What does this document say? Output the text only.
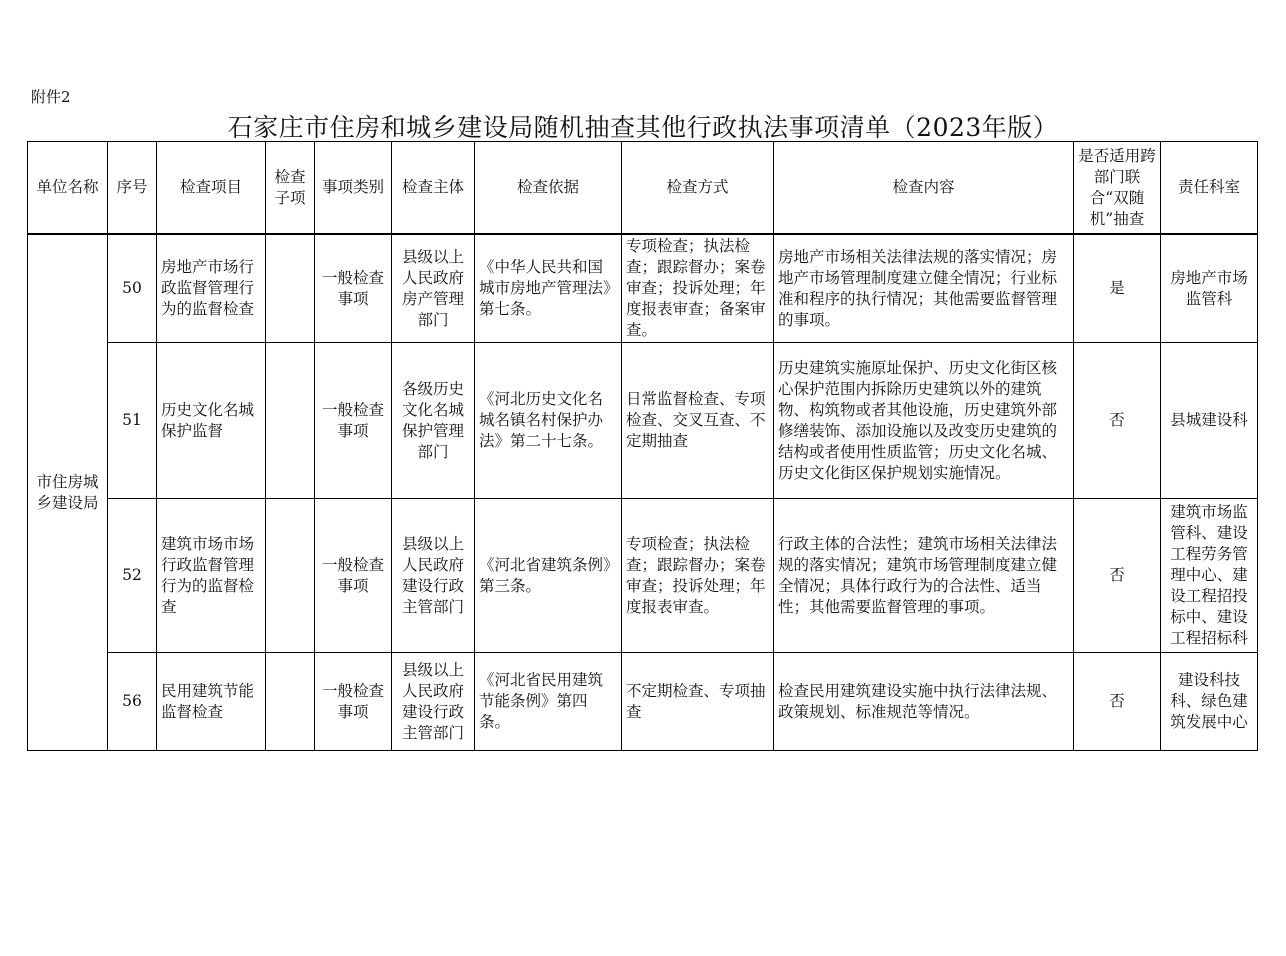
附件2
石家庄市住房和城乡建设局随机抽查其他行政执法事项清单（2023年版）
单位名称	序号	检查项目	检查子项	事项类别	检查主体	检查依据	检查方式	检查内容	是否适用跨部门联合“双随机”抽查	责任科室
市住房城乡建设局	50	房地产市场行政监督管理行为的监督检查		一般检查事项	县级以上人民政府房产管理部门	《中华人民共和国城市房地产管理法》第七条。	专项检查；执法检查；跟踪督办；案卷审查；投诉处理；年度报表审查；备案审查。	房地产市场相关法律法规的落实情况；房地产市场管理制度建立健全情况；行业标准和程序的执行情况；其他需要监督管理的事项。	是	房地产市场监管科
	51	历史文化名城保护监督		一般检查事项	各级历史文化名城保护管理部门	《河北历史文化名城名镇名村保护办法》第二十七条。	日常监督检查、专项检查、交叉互查、不定期抽查	历史建筑实施原址保护、历史文化街区核心保护范围内拆除历史建筑以外的建筑物、构筑物或者其他设施，历史建筑外部修缮装饰、添加设施以及改变历史建筑的结构或者使用性质监管；历史文化名城、历史文化街区保护规划实施情况。	否	县城建设科
	52	建筑市场市场行政监督管理行为的监督检查		一般检查事项	县级以上人民政府建设行政主管部门	《河北省建筑条例》第三条。	专项检查；执法检查；跟踪督办；案卷审查；投诉处理；年度报表审查。	行政主体的合法性；建筑市场相关法律法规的落实情况；建筑市场管理制度建立健全情况；具体行政行为的合法性、适当性；其他需要监督管理的事项。	否	建筑市场监管科、建设工程劳务管理中心、建设工程招投标中、建设工程招标科
	56	民用建筑节能监督检查		一般检查事项	县级以上人民政府建设行政主管部门	《河北省民用建筑节能条例》第四条。	不定期检查、专项抽查	检查民用建筑建设实施中执行法律法规、政策规划、标准规范等情况。	否	建设科技科、绿色建筑发展中心
